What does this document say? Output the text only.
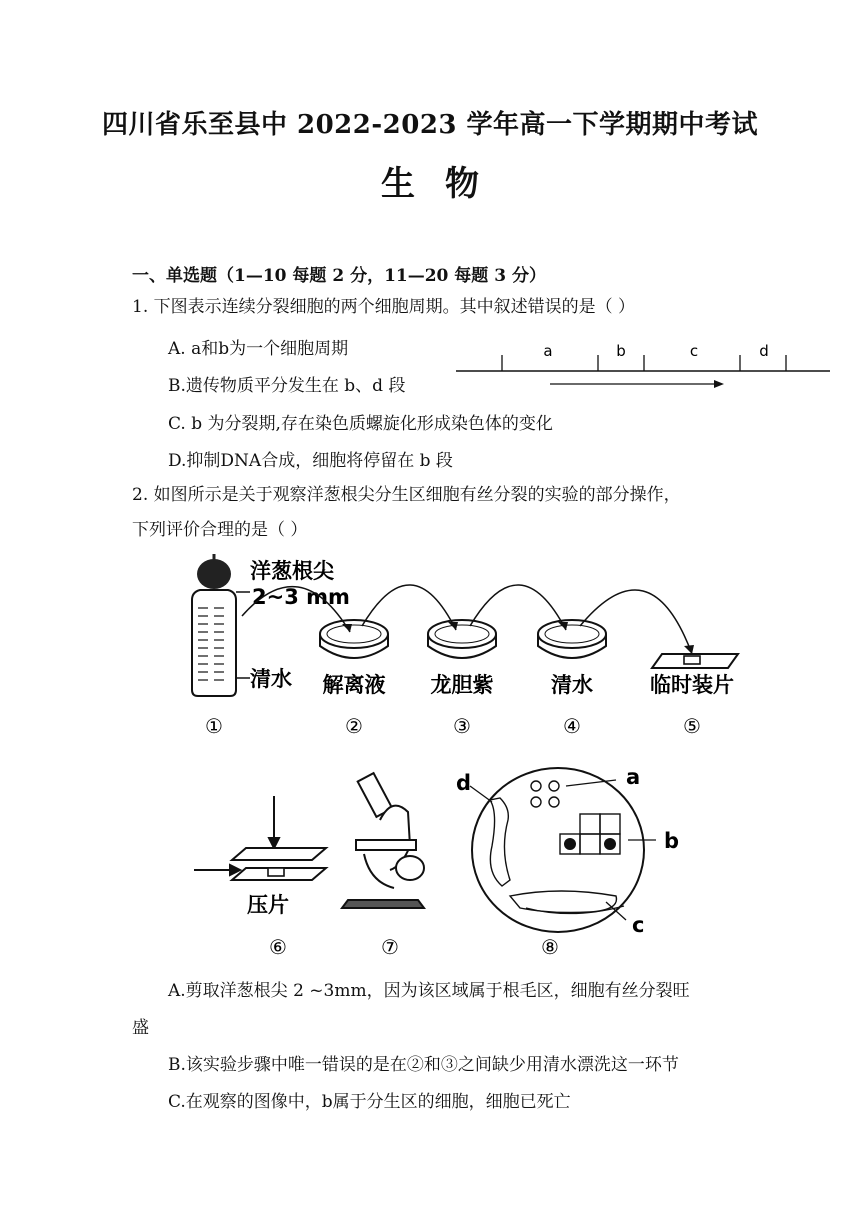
四川省乐至县中 2022-2023 学年高一下学期期中考试
生物
一、单选题（1—10 每题 2 分，11—20 每题 3 分）
1. 下图表示连续分裂细胞的两个细胞周期。其中叙述错误的是（ ）
A. a和b为一个细胞周期
B.遗传物质平分发生在 b、d 段
C. b 为分裂期,存在染色质螺旋化形成染色体的变化
D.抑制DNA合成，细胞将停留在 b 段
a	b	c	d
2. 如图所示是关于观察洋葱根尖分生区细胞有丝分裂的实验的部分操作，
下列评价合理的是（ ）
洋葱根尖
2~3 mm
清水 解离液 龙胆紫	清水	临时装片
①	②	③	④	⑤
压片
a
b
c
d
⑥	⑦	⑧
A.剪取洋葱根尖 2 ~3mm，因为该区域属于根毛区，细胞有丝分裂旺
盛
B.该实验步骤中唯一错误的是在②和③之间缺少用清水漂洗这一环节
C.在观察的图像中，b属于分生区的细胞，细胞已死亡
